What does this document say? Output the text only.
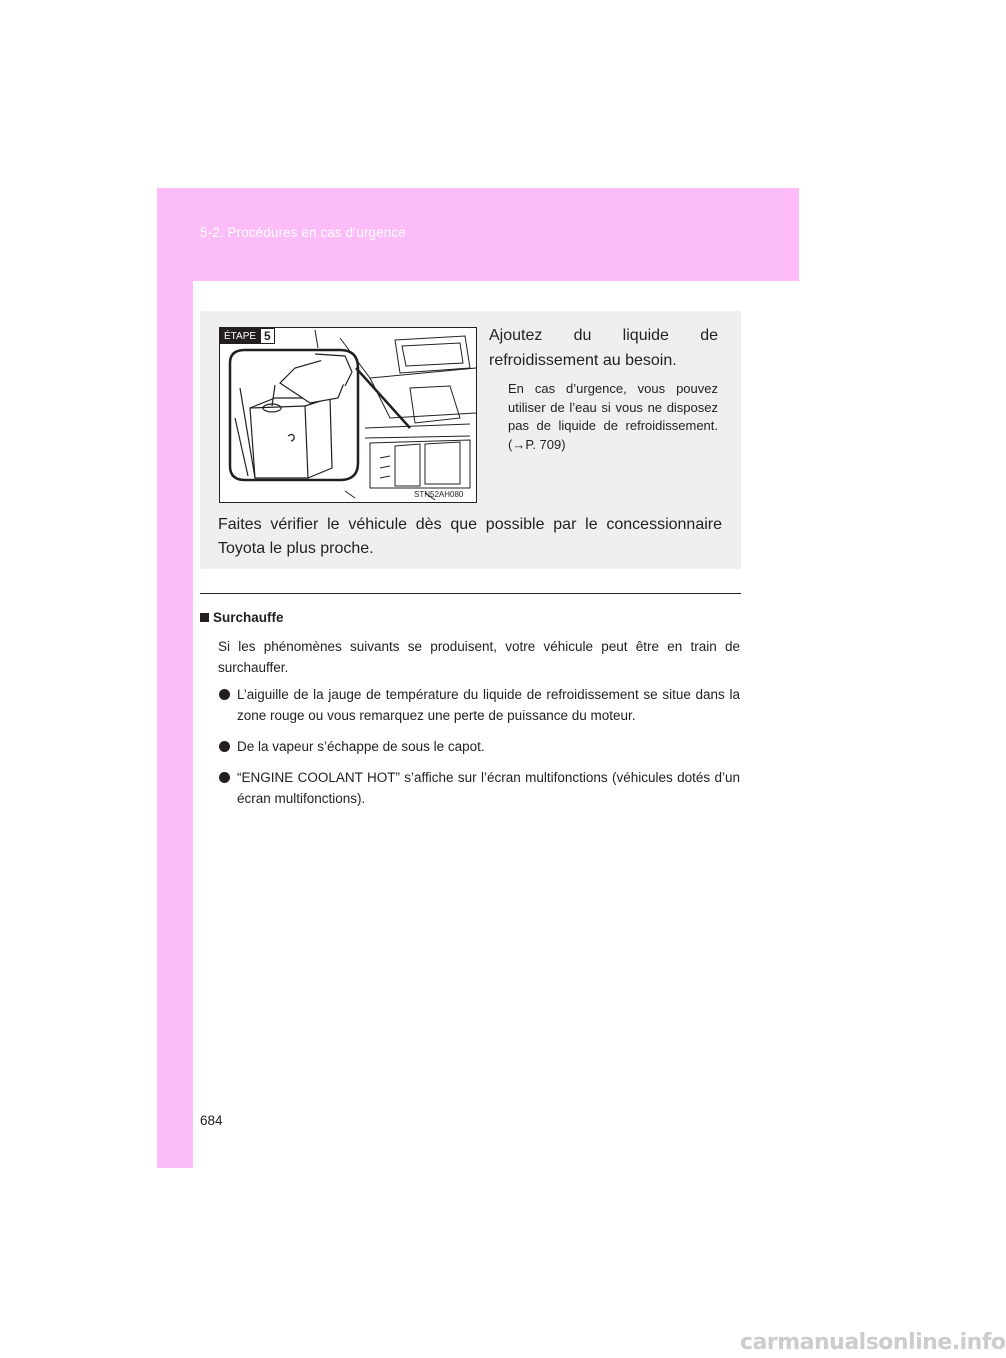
5-2. Procédures en cas d’urgence
ÉTAPE 5
STN52AH080
Ajoutez du liquide de
refroidissement au besoin.
En cas d’urgence, vous pouvez utiliser de l’eau si vous ne disposez pas de liquide de refroidissement. (→P. 709)
Faites vérifier le véhicule dès que possible par le concessionnaire Toyota le plus proche.
Surchauffe
Si les phénomènes suivants se produisent, votre véhicule peut être en train de surchauffer.
L’aiguille de la jauge de température du liquide de refroidissement se situe dans la zone rouge ou vous remarquez une perte de puissance du moteur.
De la vapeur s’échappe de sous le capot.
“ENGINE COOLANT HOT” s’affiche sur l’écran multifonctions (véhicules dotés d’un écran multifonctions).
684
carmanualsonline.info
